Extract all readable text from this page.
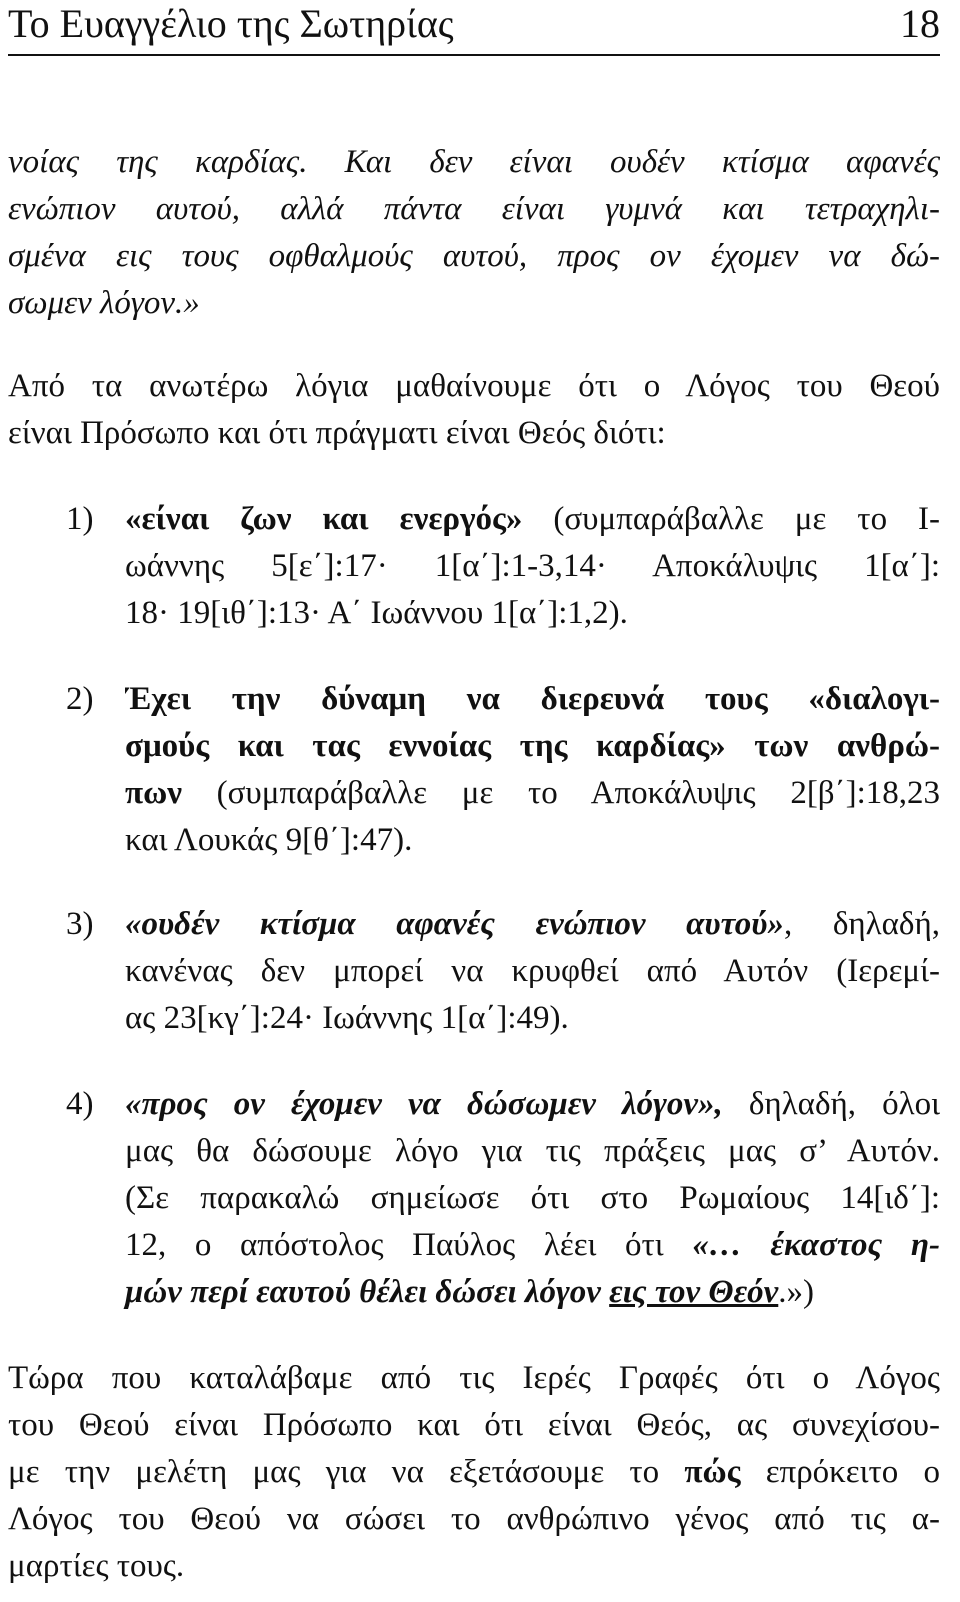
Το Ευαγγέλιο της Σωτηρίας	18
νοίας της καρδίας. Και δεν είναι ουδέν κτίσμα αφανές
ενώπιον αυτού, αλλά πάντα είναι γυμνά και τετραχηλι-
σμένα εις τους οφθαλμούς αυτού, προς ον έχομεν να δώ-
σωμεν λόγον.»
Από τα ανωτέρω λόγια μαθαίνουμε ότι ο Λόγος του Θεού
είναι Πρόσωπο και ότι πράγματι είναι Θεός διότι:
1) «είναι ζων και ενεργός» (συμπαράβαλλε με το Ι-
ωάννης 5[ε΄]:17· 1[α΄]:1-3,14· Αποκάλυψις 1[α΄]:
18· 19[ιθ΄]:13· Α΄ Ιωάννου 1[α΄]:1,2).
2) Έχει την δύναμη να διερευνά τους «διαλογι-
σμούς και τας εννοίας της καρδίας» των ανθρώ-
πων (συμπαράβαλλε με το Αποκάλυψις 2[β΄]:18,23
και Λουκάς 9[θ΄]:47).
3) «ουδέν κτίσμα αφανές ενώπιον αυτού», δηλαδή,
κανένας δεν μπορεί να κρυφθεί από Αυτόν (Ιερεμί-
ας 23[κγ΄]:24· Ιωάννης 1[α΄]:49).
4) «προς ον έχομεν να δώσωμεν λόγον», δηλαδή, όλοι
μας θα δώσουμε λόγο για τις πράξεις μας σ’ Αυτόν.
(Σε παρακαλώ σημείωσε ότι στο Ρωμαίους 14[ιδ΄]:
12, ο απόστολος Παύλος λέει ότι «… έκαστος η-
μών περί εαυτού θέλει δώσει λόγον εις τον Θεόν.»)
Τώρα που καταλάβαμε από τις Ιερές Γραφές ότι ο Λόγος
του Θεού είναι Πρόσωπο και ότι είναι Θεός, ας συνεχίσου-
με την μελέτη μας για να εξετάσουμε το πώς επρόκειτο ο
Λόγος του Θεού να σώσει το ανθρώπινο γένος από τις α-
μαρτίες τους.
